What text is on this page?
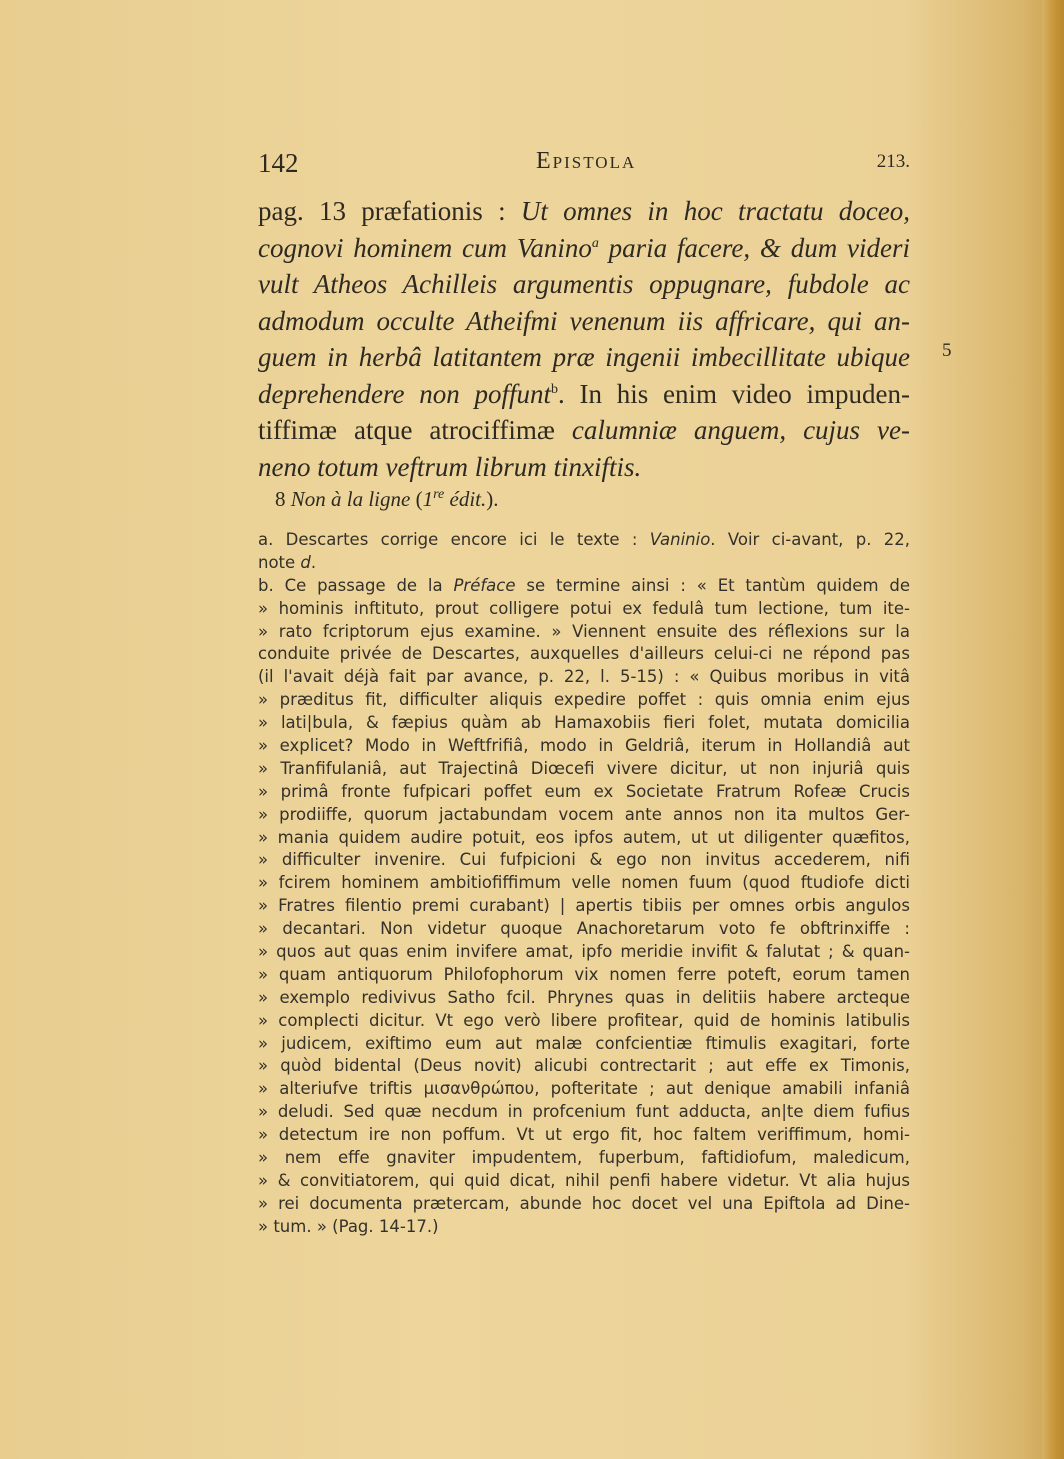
142	Epistola	213.
5
pag. 13 præfationis : Ut omnes in hoc tractatu doceo,
cognovi hominem cum Vanino$^a$ paria facere, & dum videri
vult Atheos Achilleis argumentis oppugnare, fubdole ac
admodum occulte Atheifmi venenum iis affricare, qui an-
guem in herbâ latitantem præ ingenii imbecillitate ubique
deprehendere non poffunt$^b$. In his enim video impuden-
tiffimæ atque atrociffimæ calumniæ anguem, cujus ve-
neno totum veftrum librum tinxiftis.
8 Non à la ligne (1re édit.).
a. Descartes corrige encore ici le texte : Vaninio. Voir ci-avant, p. 22,
note d.
b. Ce passage de la Préface se termine ainsi : « Et tantùm quidem de
» hominis inftituto, prout colligere potui ex fedulâ tum lectione, tum ite-
» rato fcriptorum ejus examine. » Viennent ensuite des réflexions sur la
conduite privée de Descartes, auxquelles d'ailleurs celui-ci ne répond pas
(il l'avait déjà fait par avance, p. 22, l. 5-15) : « Quibus moribus in vitâ
» præditus fit, difficulter aliquis expedire poffet : quis omnia enim ejus
» lati|bula, & fæpius quàm ab Hamaxobiis fieri folet, mutata domicilia
» explicet? Modo in Weftfrifiâ, modo in Geldriâ, iterum in Hollandiâ aut
» Tranfifulaniâ, aut Trajectinâ Diœcefi vivere dicitur, ut non injuriâ quis
» primâ fronte fufpicari poffet eum ex Societate Fratrum Rofeæ Crucis
» prodiiffe, quorum jactabundam vocem ante annos non ita multos Ger-
» mania quidem audire potuit, eos ipfos autem, ut ut diligenter quæfitos,
» difficulter invenire. Cui fufpicioni & ego non invitus accederem, nifi
» fcirem hominem ambitiofiffimum velle nomen fuum (quod ftudiofe dicti
» Fratres filentio premi curabant) | apertis tibiis per omnes orbis angulos
» decantari. Non videtur quoque Anachoretarum voto fe obftrinxiffe :
» quos aut quas enim invifere amat, ipfo meridie invifit & falutat ; & quan-
» quam antiquorum Philofophorum vix nomen ferre poteft, eorum tamen
» exemplo redivivus Satho fcil. Phrynes quas in delitiis habere arcteque
» complecti dicitur. Vt ego verò libere profitear, quid de hominis latibulis
» judicem, exiftimo eum aut malæ confcientiæ ftimulis exagitari, forte
» quòd bidental (Deus novit) alicubi contrectarit ; aut effe ex Timonis,
» alteriufve triftis μισανθρώπου, pofteritate ; aut denique amabili infaniâ
» deludi. Sed quæ necdum in profcenium funt adducta, an|te diem fufius
» detectum ire non poffum. Vt ut ergo fit, hoc faltem veriffimum, homi-
» nem effe gnaviter impudentem, fuperbum, faftidiofum, maledicum,
» & convitiatorem, qui quid dicat, nihil penfi habere videtur. Vt alia hujus
» rei documenta prætercam, abunde hoc docet vel una Epiftola ad Dine-
» tum. » (Pag. 14-17.)
